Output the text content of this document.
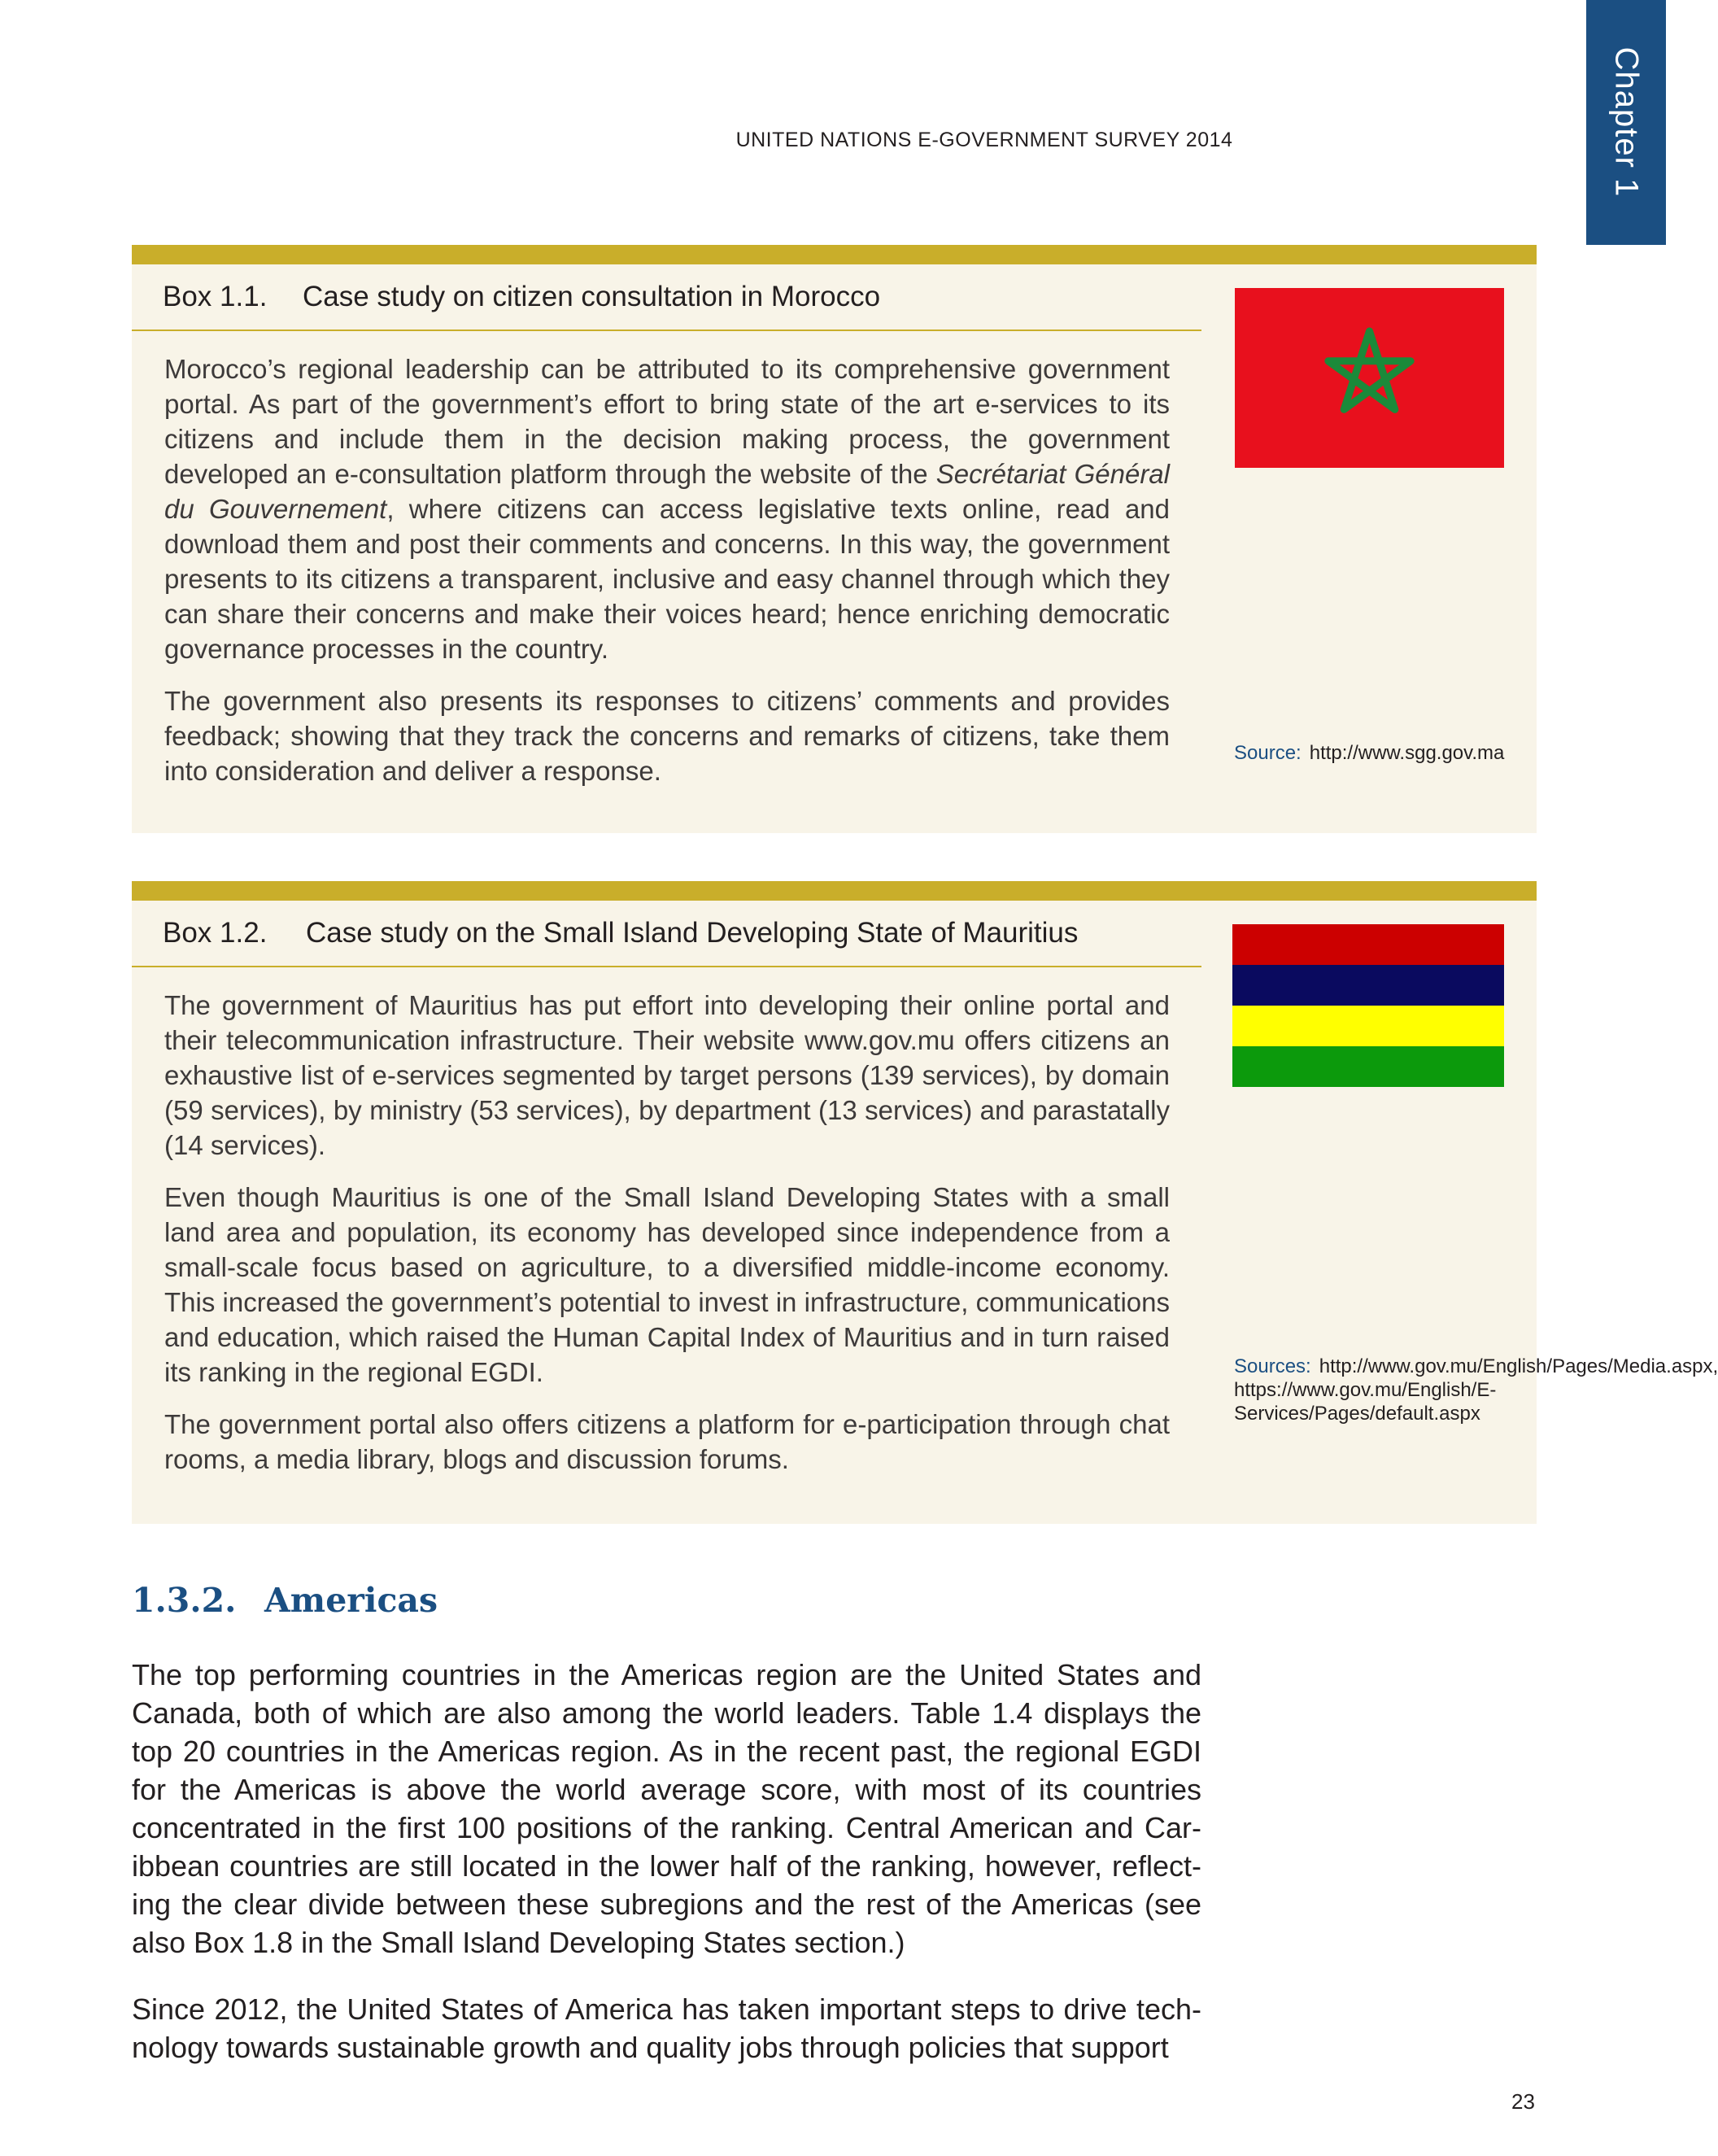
Chapter 1
UNITED NATIONS E-GOVERNMENT SURVEY 2014
Box 1.1. Case study on citizen consultation in Morocco
Morocco’s regional leadership can be attributed to its comprehensive government portal. As part of the government’s effort to bring state of the art e-services to its citizens and include them in the decision making process, the government developed an e-consultation platform through the website of the Secrétariat Général du Gouvernement, where citizens can access legislative texts online, read and download them and post their comments and concerns. In this way, the government presents to its citizens a transparent, inclusive and easy channel through which they can share their concerns and make their voices heard; hence enriching democratic governance processes in the country.
The government also presents its responses to citizens’ comments and provides feedback; showing that they track the concerns and remarks of citizens, take them into consideration and deliver a response.
Source: http://www.sgg.gov.ma
Box 1.2. Case study on the Small Island Developing State of Mauritius
The government of Mauritius has put effort into developing their online portal and their telecommunication infrastructure. Their website www.gov.mu offers citizens an exhaustive list of e-services segmented by target persons (139 services), by domain (59 services), by ministry (53 services), by department (13 services) and parastatally (14 services).
Even though Mauritius is one of the Small Island Developing States with a small land area and population, its economy has developed since independence from a small-scale focus based on agriculture, to a diversified middle-income economy. This increased the government’s potential to invest in infrastructure, communications and education, which raised the Human Capital Index of Mauritius and in turn raised its ranking in the regional EGDI.
The government portal also offers citizens a platform for e-participation through chat rooms, a media library, blogs and discussion forums.
Sources: http://www.gov.mu/English/Pages/Media.aspx, https://www.gov.mu/English/E-Services/Pages/default.aspx
1.3.2. Americas
The top performing countries in the Americas region are the United States and Canada, both of which are also among the world leaders. Table 1.4 displays the top 20 countries in the Americas region. As in the recent past, the regional EGDI for the Americas is above the world average score, with most of its countries concentrated in the first 100 positions of the ranking. Central American and Caribbean countries are still located in the lower half of the ranking, however, reflecting the clear divide between these subregions and the rest of the Americas (see also Box 1.8 in the Small Island Developing States section.)
Since 2012, the United States of America has taken important steps to drive technology towards sustainable growth and quality jobs through policies that support
23
